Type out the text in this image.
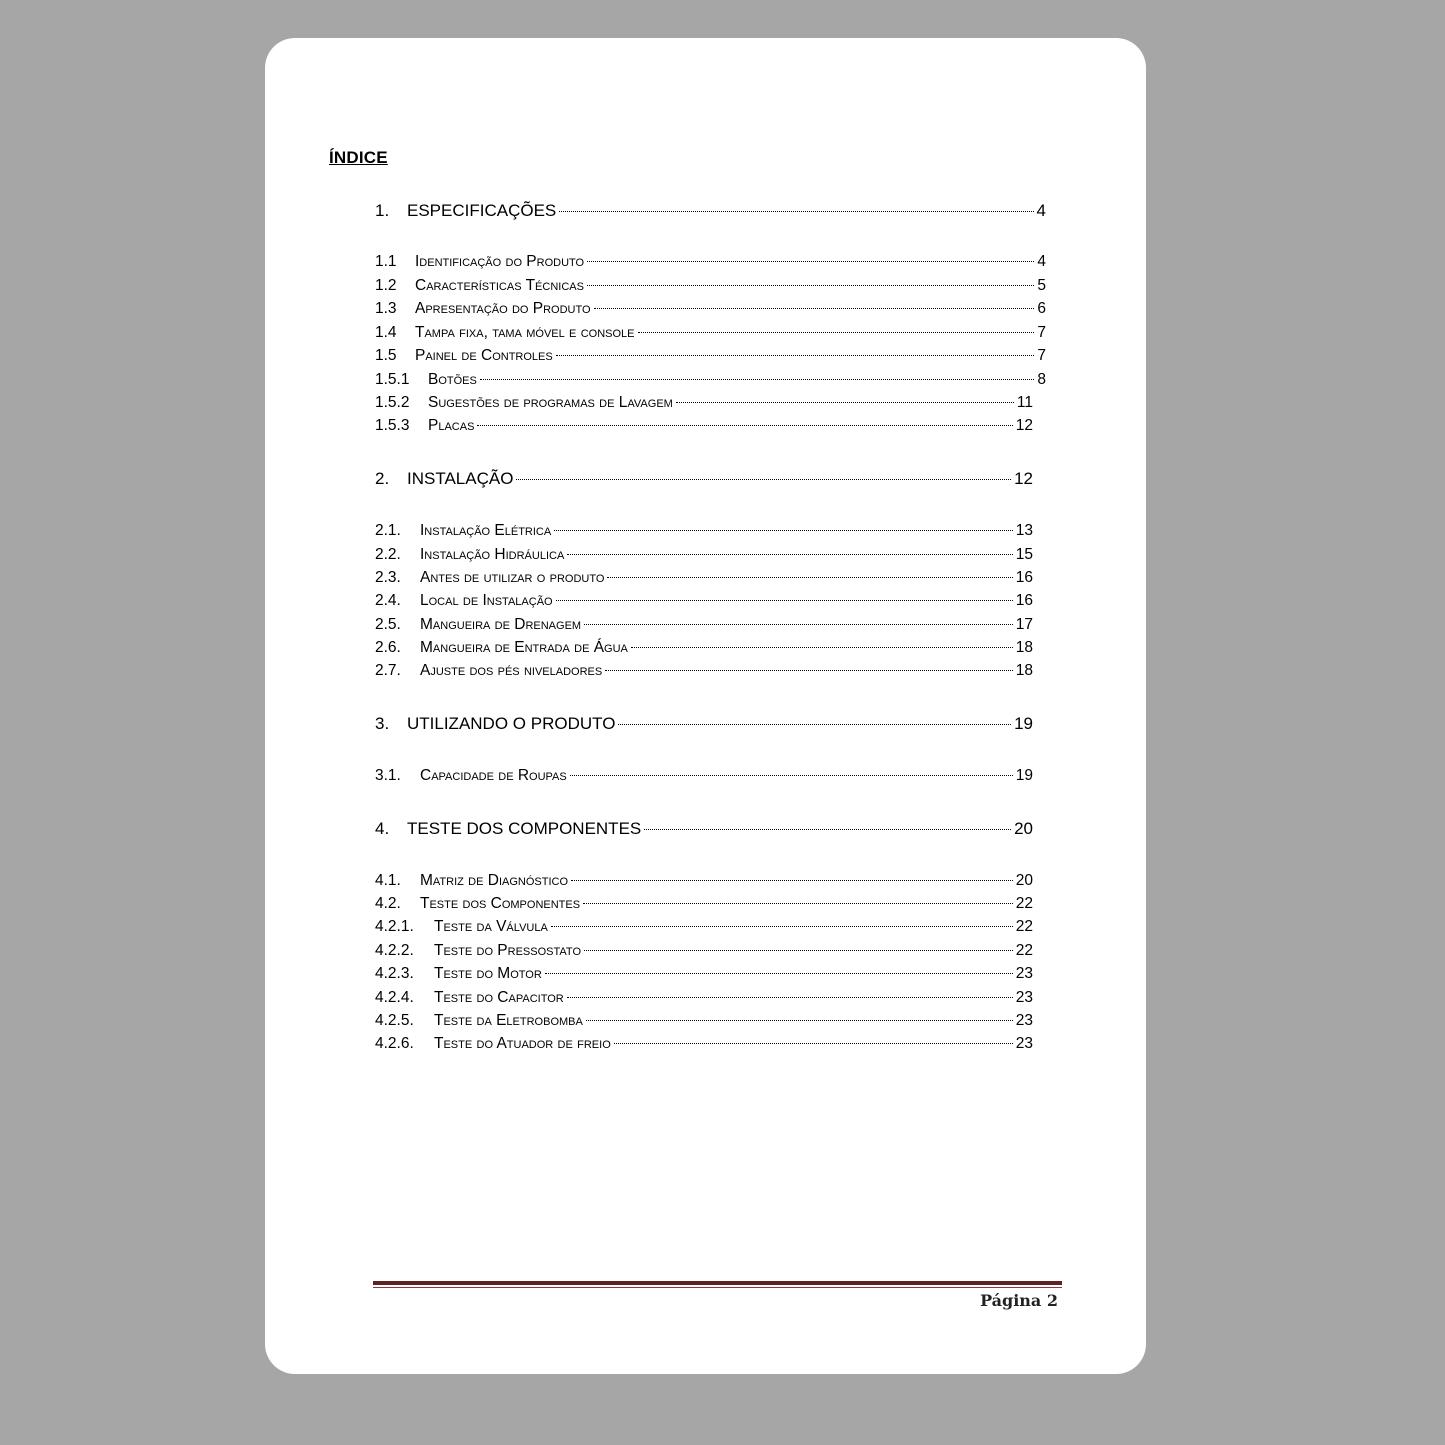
ÍNDICE
1.	ESPECIFICAÇÕES	4
1.1	Identificação do Produto	4
1.2	Características Técnicas	5
1.3	Apresentação do Produto	6
1.4	Tampa fixa, tama móvel e console	7
1.5	Painel de Controles	7
1.5.1	Botões	8
1.5.2	Sugestões de programas de Lavagem	11
1.5.3	Placas	12
2.	INSTALAÇÃO	12
2.1.	Instalação Elétrica	13
2.2.	Instalação Hidráulica	15
2.3.	Antes de utilizar o produto	16
2.4.	Local de Instalação	16
2.5.	Mangueira de Drenagem	17
2.6.	Mangueira de Entrada de Água	18
2.7.	Ajuste dos pés niveladores	18
3.	UTILIZANDO O PRODUTO	19
3.1.	Capacidade de Roupas	19
4.	TESTE DOS COMPONENTES	20
4.1.	Matriz de Diagnóstico	20
4.2.	Teste dos Componentes	22
4.2.1.	Teste da Válvula	22
4.2.2.	Teste do Pressostato	22
4.2.3.	Teste do Motor	23
4.2.4.	Teste do Capacitor	23
4.2.5.	Teste da Eletrobomba	23
4.2.6.	Teste do Atuador de freio	23
Página 2
